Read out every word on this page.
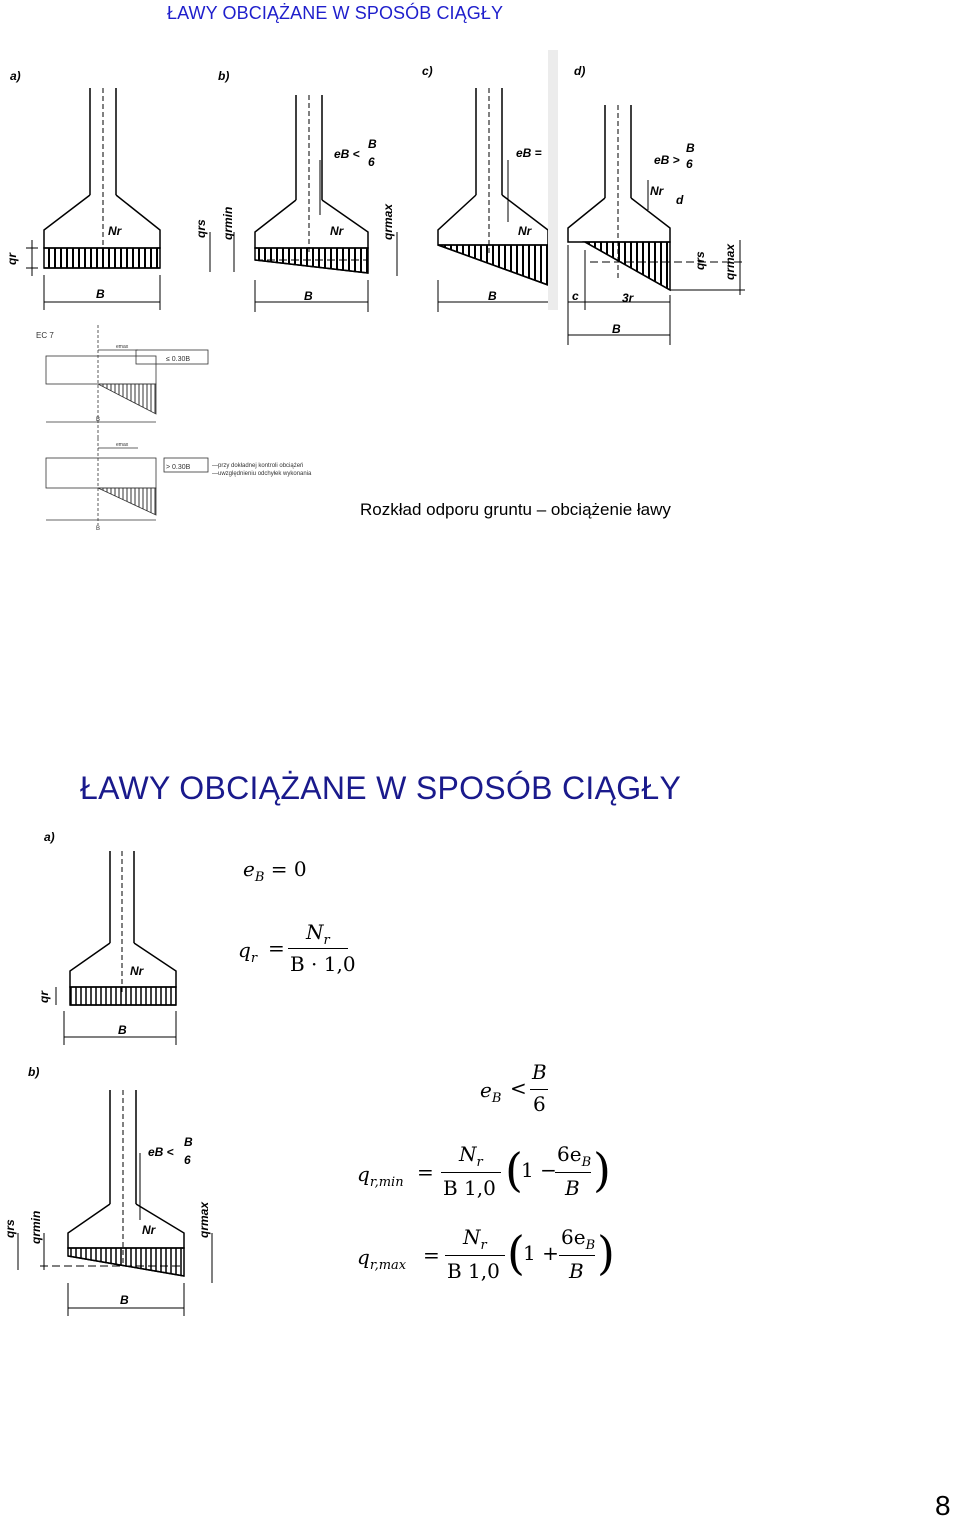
ŁAWY OBCIĄŻANE W SPOSÓB CIĄGŁY
a)	b)	c)	d)
Nr
B
qr
Nr
B
eB <
B
6
qrs qrmin	qrmax	Nr
B
eB =
Nr
d
eB >
B
6
c	3r
B
qrs qrmax
EC 7
emax
emax
≤ 0.30B
> 0.30B	—przy dokładnej kontroli obciążeń
—uwzględnieniu odchyłek wykonania
B
B
Rozkład odporu gruntu – obciążenie ławy
ŁAWY OBCIĄŻANE W SPOSÓB CIĄGŁY
a)
Nr
B
qr
$e_B = 0$
$q_r$ =
$N_r$
B · 1,0
b)
Nr
B
eB <
B
6
qrs qrmin	qrmax
$e_B$ <
B
6
$q_{r,min}$ =
$N_r$
B 1,0 (
1 −
$6e_B$
B )
$q_{r,max}$ =
$N_r$
B 1,0 (
1 +
$6e_B$
B )
8
